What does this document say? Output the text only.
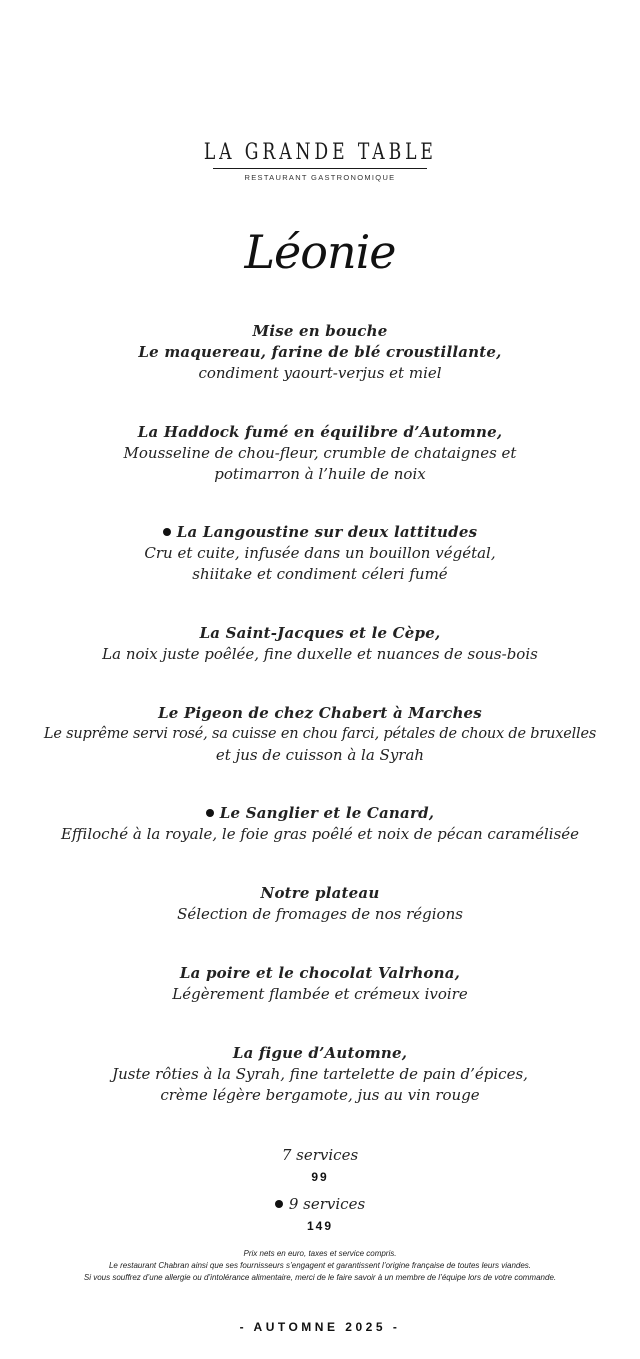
LA GRANDE TABLE
RESTAURANT GASTRONOMIQUE
Léonie
Mise en bouche
Le maquereau, farine de blé croustillante,
condiment yaourt-verjus et miel
La Haddock fumé en équilibre d’Automne,
Mousseline de chou-fleur, crumble de chataignes et
potimarron à l’huile de noix
La Langoustine sur deux lattitudes
Cru et cuite, infusée dans un bouillon végétal,
shiitake et condiment céleri fumé
La Saint-Jacques et le Cèpe,
La noix juste poêlée, fine duxelle et nuances de sous-bois
Le Pigeon de chez Chabert à Marches
Le suprême servi rosé, sa cuisse en chou farci, pétales de choux de bruxelles
et jus de cuisson à la Syrah
Le Sanglier et le Canard,
Effiloché à la royale, le foie gras poêlé et noix de pécan caramélisée
Notre plateau
Sélection de fromages de nos régions
La poire et le chocolat Valrhona,
Légèrement flambée et crémeux ivoire
La figue d’Automne,
Juste rôties à la Syrah, fine tartelette de pain d’épices,
crème légère bergamote, jus au vin rouge
7 services
99
9 services
149
Prix nets en euro, taxes et service compris.
Le restaurant Chabran ainsi que ses fournisseurs s’engagent et garantissent l’origine française de toutes leurs viandes.
Si vous souffrez d’une allergie ou d’intolérance alimentaire, merci de le faire savoir à un membre de l’équipe lors de votre commande.
- AUTOMNE 2025 -
